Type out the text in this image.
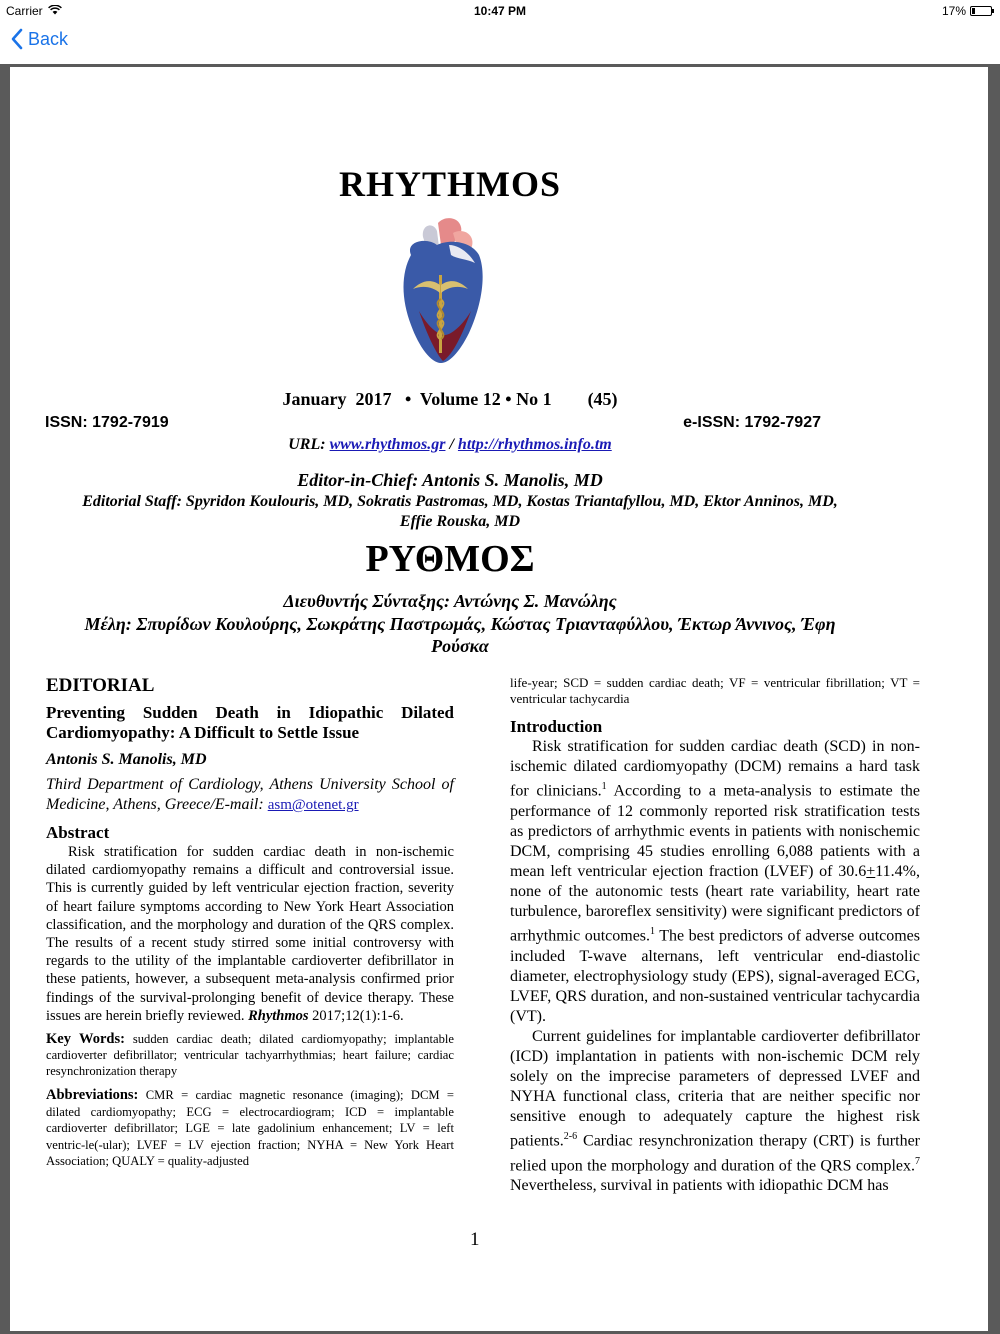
Carrier	10:47 PM	17%
Back
RHYTHMOS
January  2017   •  Volume 12 • No 1        (45)
ISSN: 1792-7919	e-ISSN: 1792-7927
URL: www.rhythmos.gr / http://rhythmos.info.tm
Editor-in-Chief: Antonis S. Manolis, MD
Editorial Staff: Spyridon Koulouris, MD, Sokratis Pastromas, MD, Kostas Triantafyllou, MD, Ektor Anninos, MD, Effie Rouska, MD
ΡΥΘΜΟΣ
Διευθυντής Σύνταξης: Αντώνης Σ. Μανώλης
Μέλη: Σπυρίδων Κουλούρης, Σωκράτης Παστρωμάς, Κώστας Τριανταφύλλου, Έκτωρ Άννινος, Έφη Ρούσκα
EDITORIAL
Preventing Sudden Death in Idiopathic Dilated Cardiomyopathy: A Difficult to Settle Issue
Antonis S. Manolis, MD
Third Department of Cardiology, Athens University School of Medicine, Athens, Greece/E-mail: asm@otenet.gr
Abstract
Risk stratification for sudden cardiac death in non-ischemic dilated cardiomyopathy remains a difficult and controversial issue. This is currently guided by left ventricular ejection fraction, severity of heart failure symptoms according to New York Heart Association classification, and the morphology and duration of the QRS complex. The results of a recent study stirred some initial controversy with regards to the utility of the implantable cardioverter defibrillator in these patients, however, a subsequent meta-analysis confirmed prior findings of the survival-prolonging benefit of device therapy. These issues are herein briefly reviewed. Rhythmos 2017;12(1):1-6.
Key Words: sudden cardiac death; dilated cardiomyopathy; implantable cardioverter defibrillator; ventricular tachyarrhythmias; heart failure; cardiac resynchronization therapy
Abbreviations: CMR = cardiac magnetic resonance (imaging); DCM = dilated cardiomyopathy; ECG = electrocardiogram; ICD = implantable cardioverter defibrillator; LGE = late gadolinium enhancement; LV = left ventric-le(-ular); LVEF = LV ejection fraction; NYHA = New York Heart Association; QUALY = quality-adjusted
life-year; SCD = sudden cardiac death; VF = ventricular fibrillation; VT = ventricular tachycardia
Introduction
Risk stratification for sudden cardiac death (SCD) in non-ischemic dilated cardiomyopathy (DCM) remains a hard task for clinicians.$^1$ According to a meta-analysis to estimate the performance of 12 commonly reported risk stratification tests as predictors of arrhythmic events in patients with nonischemic DCM, comprising 45 studies enrolling 6,088 patients with a mean left ventricular ejection fraction (LVEF) of 30.6+11.4%, none of the autonomic tests (heart rate variability, heart rate turbulence, baroreflex sensitivity) were significant predictors of arrhythmic outcomes.$^1$ The best predictors of adverse outcomes included T-wave alternans, left ventricular end-diastolic diameter, electrophysiology study (EPS), signal-averaged ECG, LVEF, QRS duration, and non-sustained ventricular tachycardia (VT).
Current guidelines for implantable cardioverter defibrillator (ICD) implantation in patients with non-ischemic DCM rely solely on the imprecise parameters of depressed LVEF and NYHA functional class, criteria that are neither specific nor sensitive enough to adequately capture the highest risk patients.$^{2-6}$ Cardiac resynchronization therapy (CRT) is further relied upon the morphology and duration of the QRS complex.$^7$ Nevertheless, survival in patients with idiopathic DCM has
1
